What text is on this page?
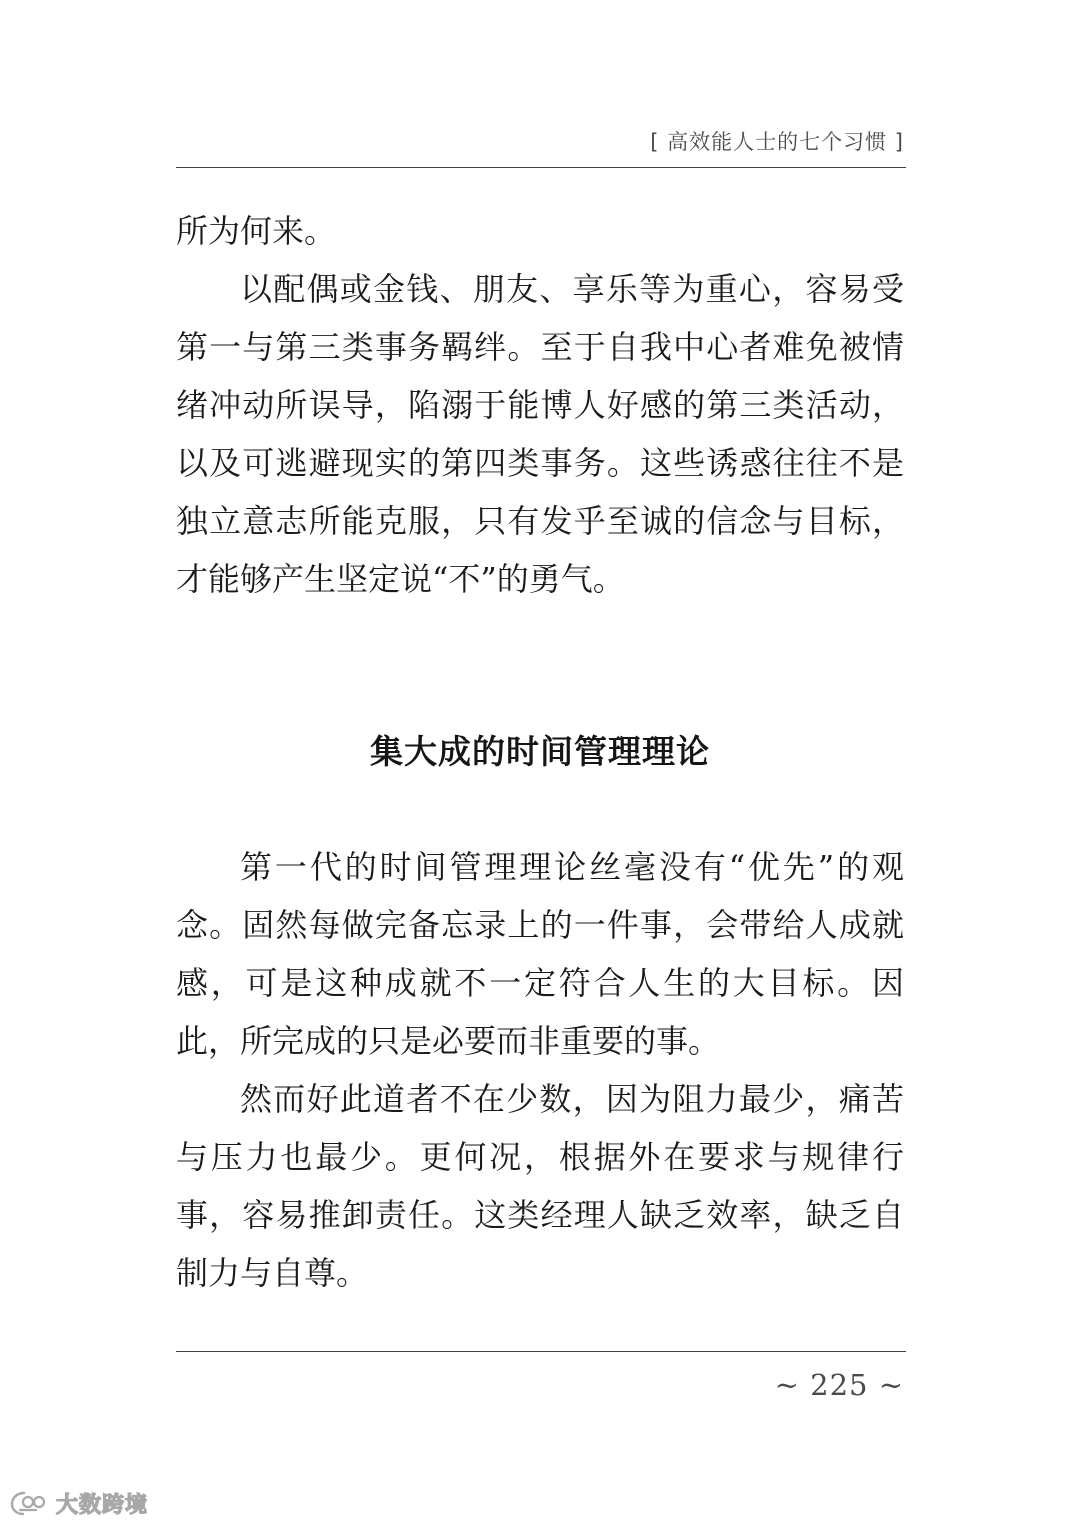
[ 高效能人士的七个习惯 ]

所为何来。

以配偶或金钱、朋友、享乐等为重心，容易受第一与第三类事务羁绊。至于自我中心者难免被情绪冲动所误导，陷溺于能博人好感的第三类活动，以及可逃避现实的第四类事务。这些诱惑往往不是独立意志所能克服，只有发乎至诚的信念与目标，才能够产生坚定说“不”的勇气。

集大成的时间管理理论

第一代的时间管理理论丝毫没有“优先”的观念。固然每做完备忘录上的一件事，会带给人成就感，可是这种成就不一定符合人生的大目标。因此，所完成的只是必要而非重要的事。

然而好此道者不在少数，因为阻力最少，痛苦与压力也最少。更何况，根据外在要求与规律行事，容易推卸责任。这类经理人缺乏效率，缺乏自制力与自尊。

~ 225 ~
大数跨境
